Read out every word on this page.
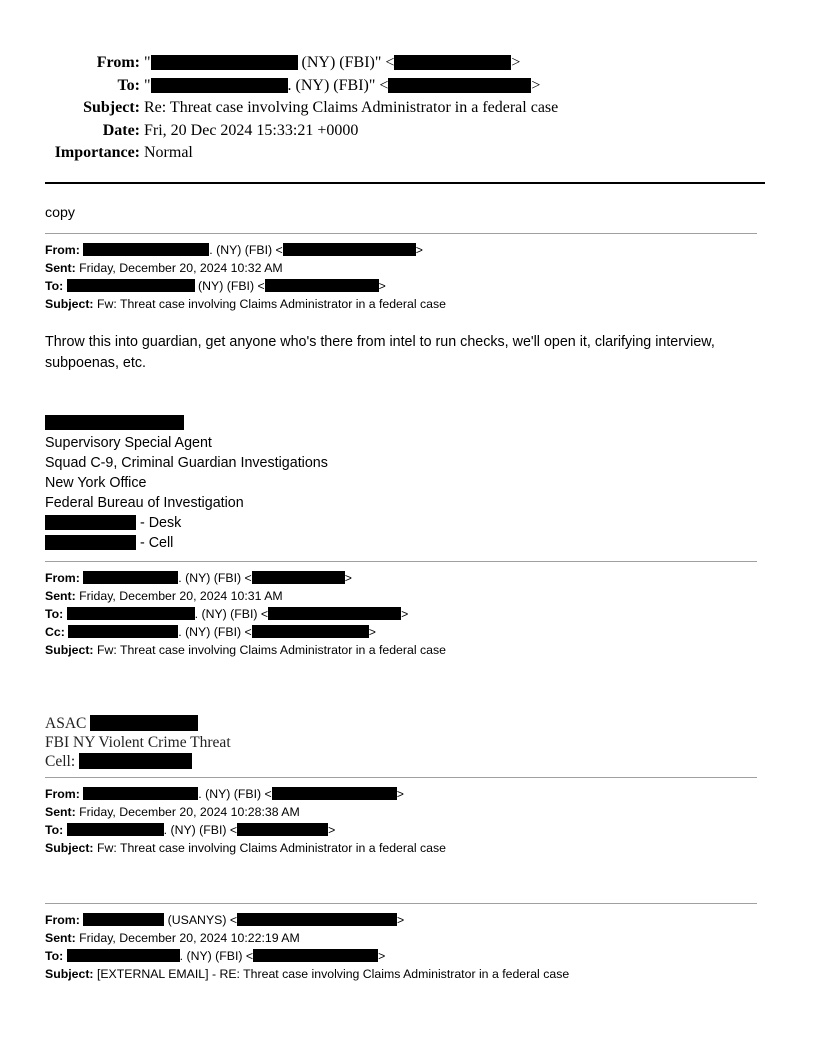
From: "	(NY) (FBI)" <	>
To: "	. (NY) (FBI)" <	>
Subject: Re: Threat case involving Claims Administrator in a federal case
Date: Fri, 20 Dec 2024 15:33:21 +0000
Importance: Normal
copy
From:	. (NY) (FBI) <	>
Sent: Friday, December 20, 2024 10:32 AM
To:	(NY) (FBI) <	>
Subject: Fw: Threat case involving Claims Administrator in a federal case
Throw this into guardian, get anyone who's there from intel to run checks, we'll open it, clarifying interview, subpoenas, etc.
Supervisory Special Agent
Squad C-9, Criminal Guardian Investigations
New York Office
Federal Bureau of Investigation
- Desk
- Cell
From:	. (NY) (FBI) <	>
Sent: Friday, December 20, 2024 10:31 AM
To:	. (NY) (FBI) <	>
Cc:	. (NY) (FBI) <	>
Subject: Fw: Threat case involving Claims Administrator in a federal case
ASAC
FBI NY Violent Crime Threat
Cell:
From:	. (NY) (FBI) <	>
Sent: Friday, December 20, 2024 10:28:38 AM
To:	. (NY) (FBI) <	>
Subject: Fw: Threat case involving Claims Administrator in a federal case
From:	(USANYS) <	>
Sent: Friday, December 20, 2024 10:22:19 AM
To:	. (NY) (FBI) <	>
Subject: [EXTERNAL EMAIL] - RE: Threat case involving Claims Administrator in a federal case
